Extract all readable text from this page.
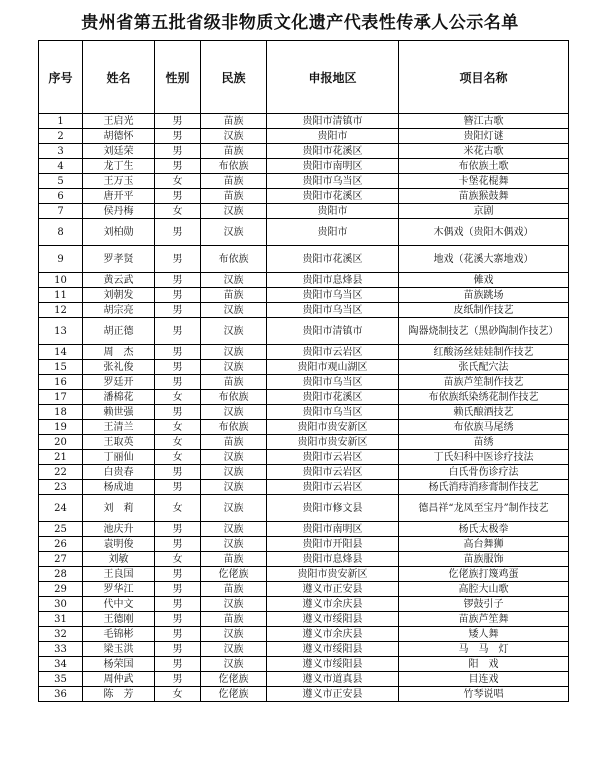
贵州省第五批省级非物质文化遗产代表性传承人公示名单
序号	姓名	性别	民族	申报地区	项目名称
1	王启光	男	苗族	贵阳市清镇市	簪江古歌
2	胡德怀	男	汉族	贵阳市	贵阳灯谜
3	刘廷荣	男	苗族	贵阳市花溪区	米花古歌
4	龙丁生	男	布依族	贵阳市南明区	布依族土歌
5	王万玉	女	苗族	贵阳市乌当区	卡堡花棍舞
6	唐开平	男	苗族	贵阳市花溪区	苗族猴鼓舞
7	侯丹梅	女	汉族	贵阳市	京剧
8	刘柏勋	男	汉族	贵阳市	木偶戏（贵阳木偶戏）
9	罗孝贤	男	布依族	贵阳市花溪区	地戏（花溪大寨地戏）
10	黄云武	男	汉族	贵阳市息烽县	傩戏
11	刘朝发	男	苗族	贵阳市乌当区	苗族跳场
12	胡宗亮	男	汉族	贵阳市乌当区	皮纸制作技艺
13	胡正德	男	汉族	贵阳市清镇市	陶器烧制技艺（黑砂陶制作技艺）
14	周　杰	男	汉族	贵阳市云岩区	红酸汤丝娃娃制作技艺
15	张礼俊	男	汉族	贵阳市观山湖区	张氏配穴法
16	罗廷开	男	苗族	贵阳市乌当区	苗族芦笙制作技艺
17	潘棉花	女	布依族	贵阳市花溪区	布依族纸染绣花制作技艺
18	赖世强	男	汉族	贵阳市乌当区	赖氏酿酒技艺
19	王清兰	女	布依族	贵阳市贵安新区	布依族马尾绣
20	王取英	女	苗族	贵阳市贵安新区	苗绣
21	丁丽仙	女	汉族	贵阳市云岩区	丁氏妇科中医诊疗技法
22	白贵春	男	汉族	贵阳市云岩区	白氏骨伤诊疗法
23	杨成迪	男	汉族	贵阳市云岩区	杨氏消痔消疹膏制作技艺
24	刘　莉	女	汉族	贵阳市修文县	德昌祥“龙凤至宝丹”制作技艺
25	池庆升	男	汉族	贵阳市南明区	杨氏太极拳
26	袁明俊	男	汉族	贵阳市开阳县	高台舞狮
27	刘敏	女	苗族	贵阳市息烽县	苗族服饰
28	王良国	男	仡佬族	贵阳市贵安新区	仡佬族打篾鸡蛋
29	罗华江	男	苗族	遵义市正安县	高腔大山歌
30	代中文	男	汉族	遵义市余庆县	锣鼓引子
31	王德刚	男	苗族	遵义市绥阳县	苗族芦笙舞
32	毛锦彬	男	汉族	遵义市余庆县	矮人舞
33	梁玉洪	男	汉族	遵义市绥阳县	马　马　灯
34	杨荣国	男	汉族	遵义市绥阳县	阳　戏
35	周仲武	男	仡佬族	遵义市道真县	目连戏
36	陈　芳	女	仡佬族	遵义市正安县	竹琴说唱
